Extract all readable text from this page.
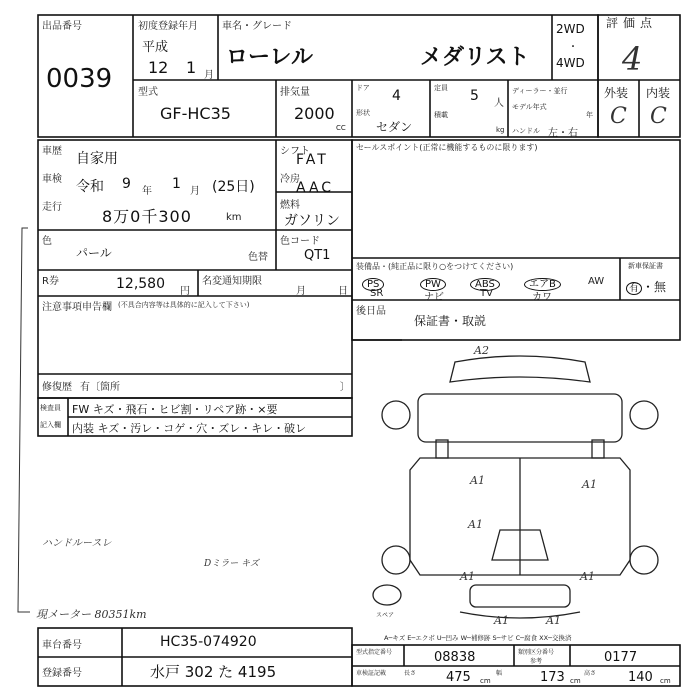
出品番号
0039
初度登録年月
平成
12 1 月
車名・グレード
ローレル	メダリスト
2WD
・
4WD
型式
GF-HC35
排気量
2000
CC
ドア 4
形状
セダン
定員 5 人
積載
kg
ディーラー・並行
モデル年式
年
ハンドル 左・右
評価点
4
外装 内装
C C
車歴 自家用
車検 令和 9 年 1 月 (25日)
走行	8万0千300	km
色
パール	色替
色コード
QT1
シフト
FAT
冷房
AAC
燃料
ガソリン
R券	12,580 円
名変通知期限
月	日
セールスポイント(正常に機能するものに限ります)
装備品・(純正品に限り○をつけてください)	新車保証書
PS
SR
PW
ナビ
ABS
TV
エアB
カワ
AW
有 ・無
後日品
保証書・取説
注意事項申告欄 (不具合内容等は具体的に記入して下さい)
修復歴 有〔箇所	〕
検査員
記入欄
FW キズ・飛石・ヒビ割・リペア跡・×要
内装 キズ・汚レ・コゲ・穴・ズレ・キレ・破レ
ハンドルースレ
Dミラー キズ
現メーター 80351km
A2
A1	A1
A1
A1	A1
A1	A1
スペア
A─キズ E─エクボ U─凹み W─補修跡 S─サビ C─腐食 XX─交換済
車台番号	HC35-074920
登録番号	水戸 302 た 4195
型式指定番号	08838	類別区分番号
参考	0177
車検証記載	長さ 475 cm
幅	173 cm
高さ 140 cm
